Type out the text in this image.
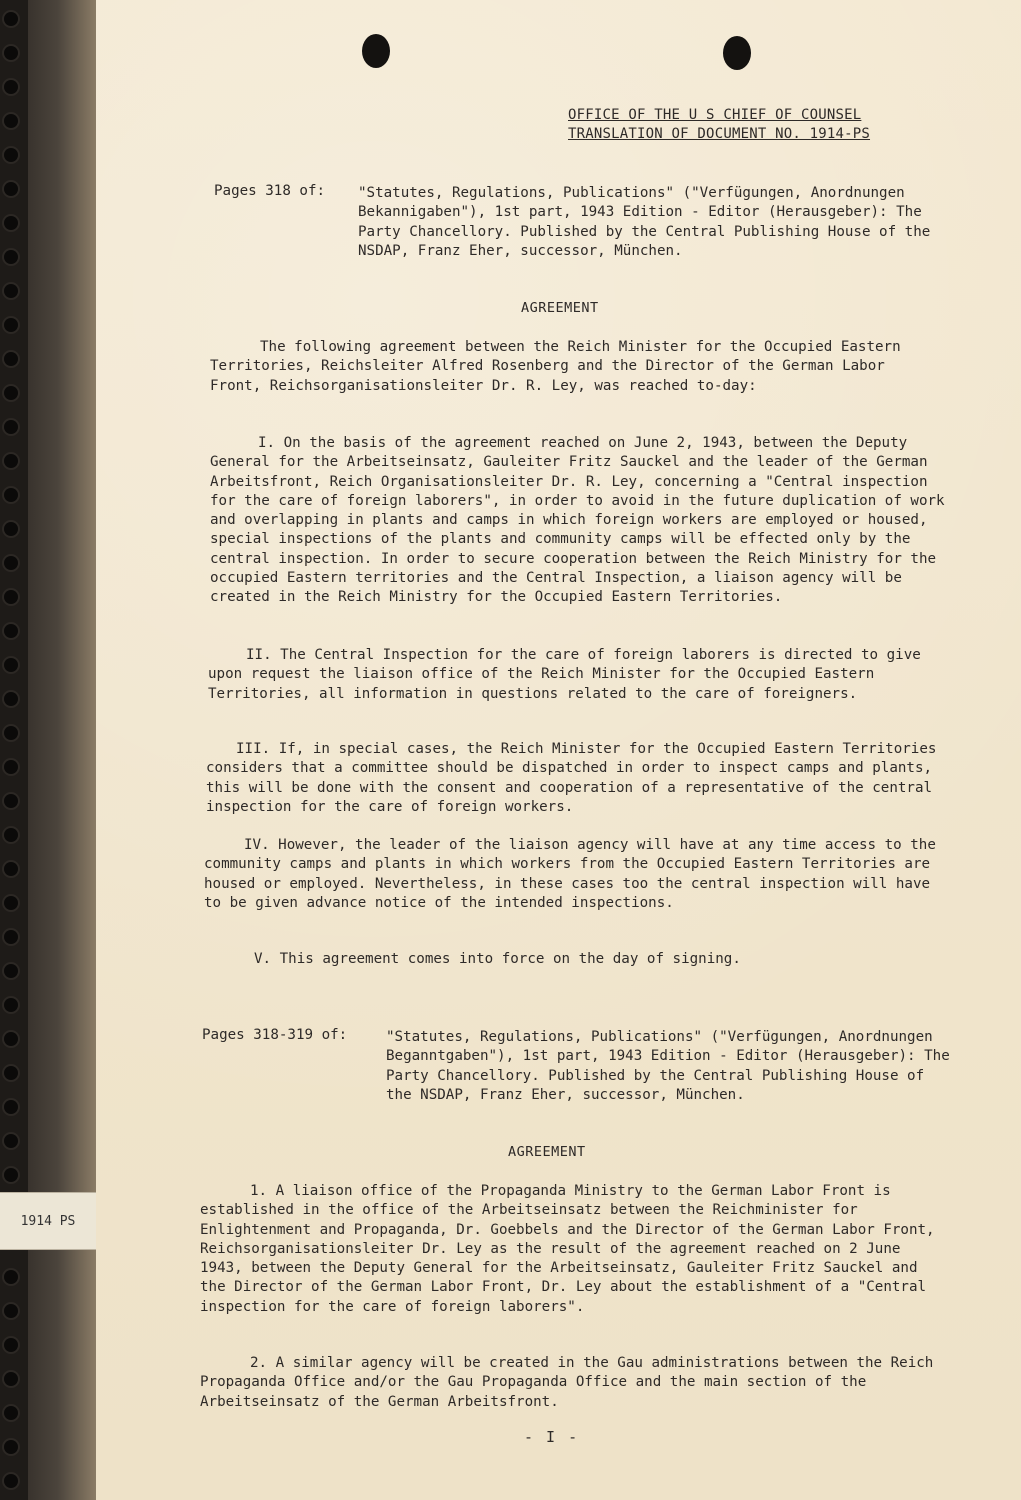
1914 PS
OFFICE OF THE U S CHIEF OF COUNSEL
TRANSLATION OF DOCUMENT NO. 1914-PS
Pages 318 of: "Statutes, Regulations, Publications" ("Verfügungen, Anordnungen Bekannigaben"), 1st part, 1943 Edition - Editor (Herausgeber): The Party Chancellory. Published by the Central Publishing House of the NSDAP, Franz Eher, successor, München.
AGREEMENT
The following agreement between the Reich Minister for the Occupied Eastern Territories, Reichsleiter Alfred Rosenberg and the Director of the German Labor Front, Reichsorganisationsleiter Dr. R. Ley, was reached to-day:
I. On the basis of the agreement reached on June 2, 1943, between the Deputy General for the Arbeitseinsatz, Gauleiter Fritz Sauckel and the leader of the German Arbeitsfront, Reich Organisationsleiter Dr. R. Ley, concerning a "Central inspection for the care of foreign laborers", in order to avoid in the future duplication of work and overlapping in plants and camps in which foreign workers are employed or housed, special inspections of the plants and community camps will be effected only by the central inspection. In order to secure cooperation between the Reich Ministry for the occupied Eastern territories and the Central Inspection, a liaison agency will be created in the Reich Ministry for the Occupied Eastern Territories.
II. The Central Inspection for the care of foreign laborers is directed to give upon request the liaison office of the Reich Minister for the Occupied Eastern Territories, all information in questions related to the care of foreigners.
III. If, in special cases, the Reich Minister for the Occupied Eastern Territories considers that a committee should be dispatched in order to inspect camps and plants, this will be done with the consent and cooperation of a representative of the central inspection for the care of foreign workers.
IV. However, the leader of the liaison agency will have at any time access to the community camps and plants in which workers from the Occupied Eastern Territories are housed or employed. Nevertheless, in these cases too the central inspection will have to be given advance notice of the intended inspections.
V. This agreement comes into force on the day of signing.
Pages 318-319 of:	"Statutes, Regulations, Publications" ("Verfügungen, Anordnungen Beganntgaben"), 1st part, 1943 Edition - Editor (Herausgeber): The Party Chancellory. Published by the Central Publishing House of the NSDAP, Franz Eher, successor, München.
AGREEMENT
1. A liaison office of the Propaganda Ministry to the German Labor Front is established in the office of the Arbeitseinsatz between the Reichminister for Enlightenment and Propaganda, Dr. Goebbels and the Director of the German Labor Front, Reichsorganisationsleiter Dr. Ley as the result of the agreement reached on 2 June 1943, between the Deputy General for the Arbeitseinsatz, Gauleiter Fritz Sauckel and the Director of the German Labor Front, Dr. Ley about the establishment of a "Central inspection for the care of foreign laborers".
2. A similar agency will be created in the Gau administrations between the Reich Propaganda Office and/or the Gau Propaganda Office and the main section of the Arbeitseinsatz of the German Arbeitsfront.
- I -
